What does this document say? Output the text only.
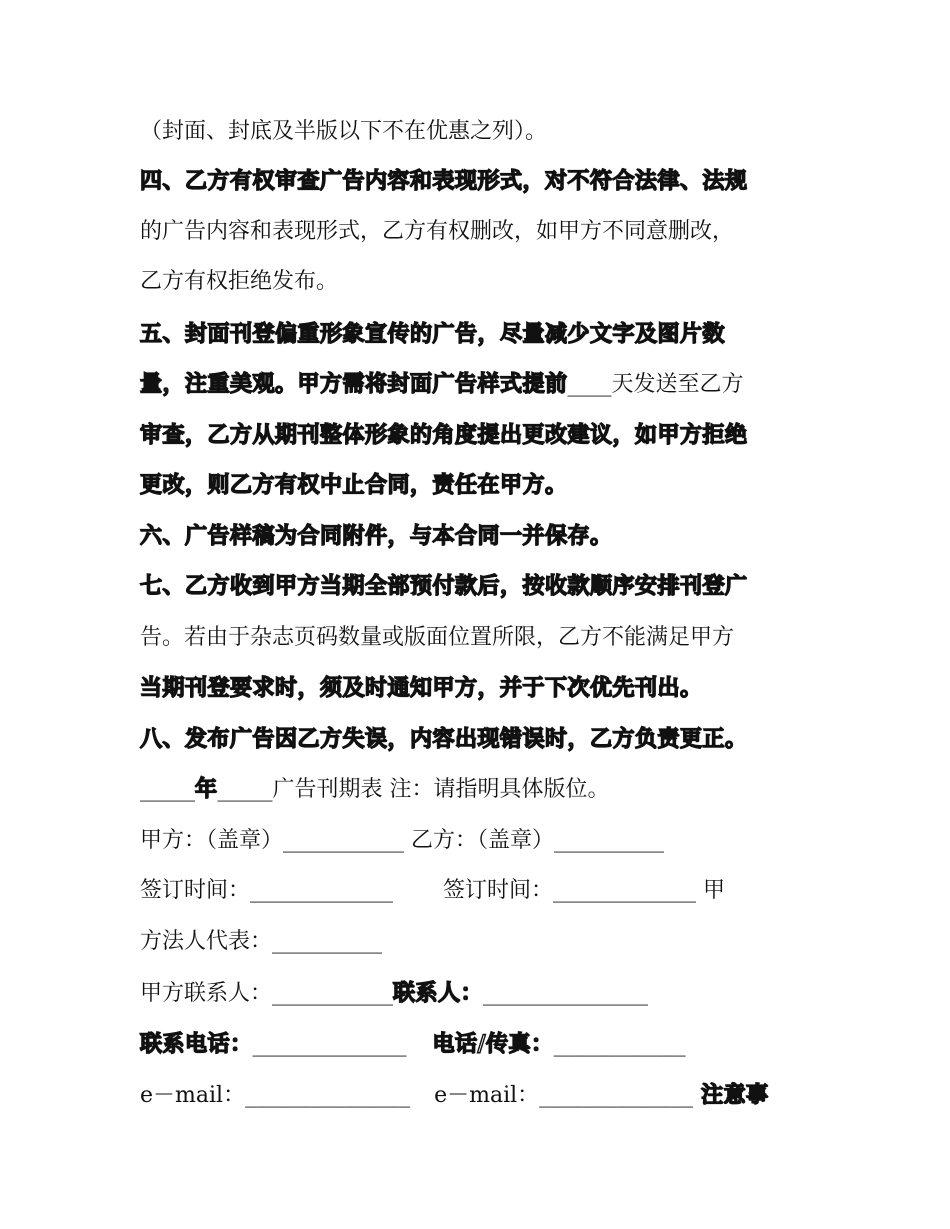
（封面、封底及半版以下不在优惠之列）。
四、乙方有权审查广告内容和表现形式，对不符合法律、法规
的广告内容和表现形式，乙方有权删改，如甲方不同意删改，
乙方有权拒绝发布。
五、封面刊登偏重形象宣传的广告，尽量减少文字及图片数
量，注重美观。甲方需将封面广告样式提前____天发送至乙方
审查，乙方从期刊整体形象的角度提出更改建议，如甲方拒绝
更改，则乙方有权中止合同，责任在甲方。
六、广告样稿为合同附件，与本合同一并保存。
七、乙方收到甲方当期全部预付款后，按收款顺序安排刊登广
告。若由于杂志页码数量或版面位置所限，乙方不能满足甲方
当期刊登要求时，须及时通知甲方，并于下次优先刊出。
八、发布广告因乙方失误，内容出现错误时，乙方负责更正。
_____年_____广告刊期表 注：请指明具体版位。
甲方：（盖章）___________ 乙方：（盖章）__________
签订时间：_____________ 签订时间：_____________ 甲
方法人代表：__________
甲方联系人：___________联系人：_______________
联系电话：______________ 电话/传真：____________
e－mail：_______________ e－mail：______________ 注意事
